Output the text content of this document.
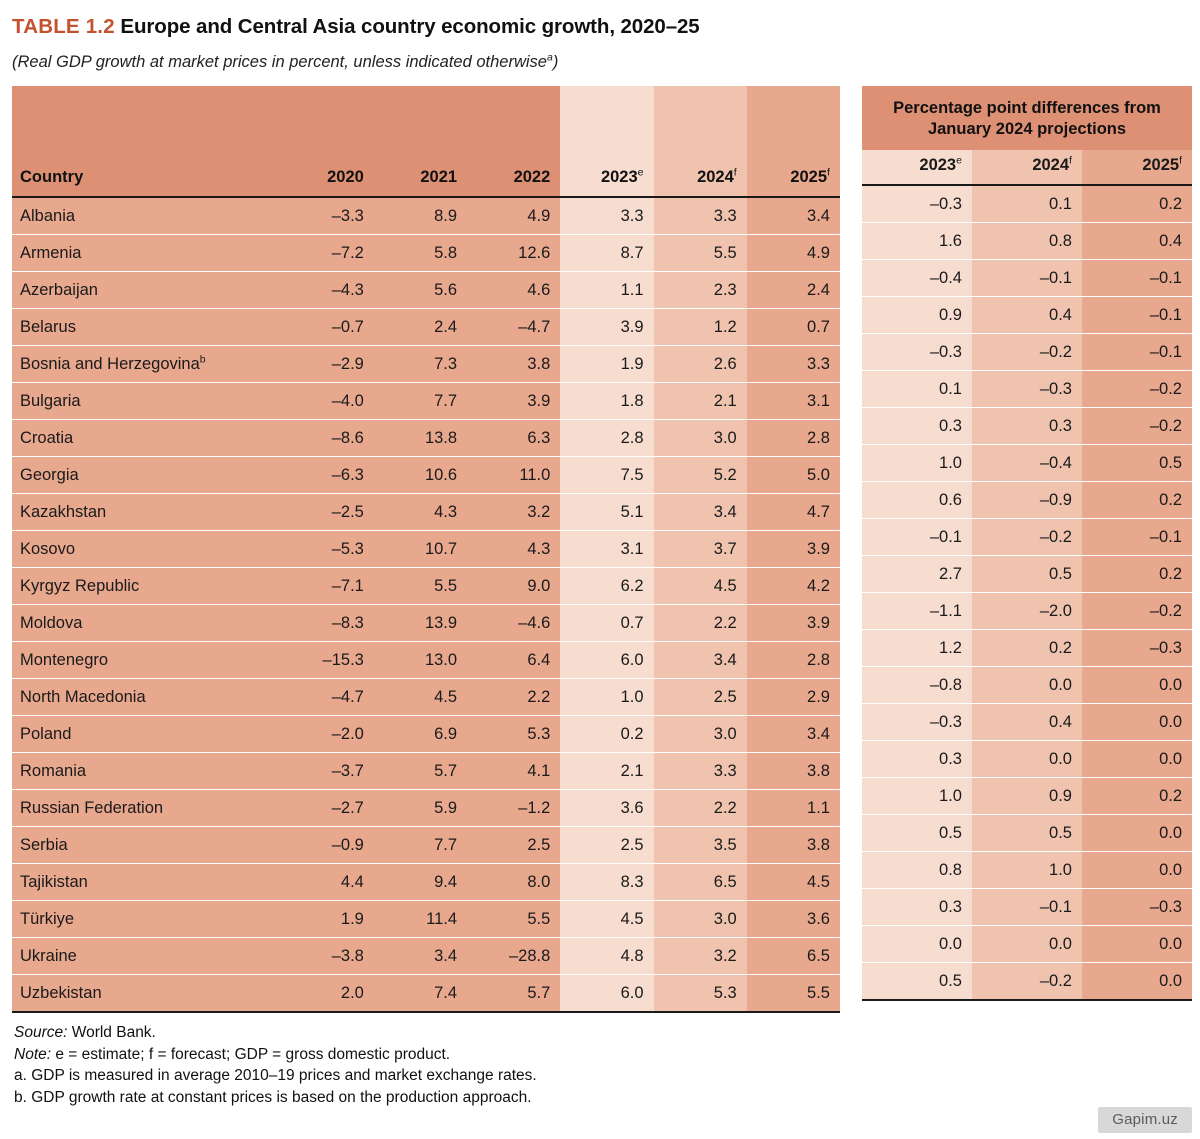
TABLE 1.2 Europe and Central Asia country economic growth, 2020–25
(Real GDP growth at market prices in percent, unless indicated otherwise$^a$)

Country	2020	2021	2022	2023e	2024$^f$	2025$^f$
Albania	–3.3	8.9	4.9	3.3	3.3	3.4
Armenia	–7.2	5.8	12.6	8.7	5.5	4.9
Azerbaijan	–4.3	5.6	4.6	1.1	2.3	2.4
Belarus	–0.7	2.4	–4.7	3.9	1.2	0.7
Bosnia and Herzegovina$^b$	–2.9	7.3	3.8	1.9	2.6	3.3
Bulgaria	–4.0	7.7	3.9	1.8	2.1	3.1
Croatia	–8.6	13.8	6.3	2.8	3.0	2.8
Georgia	–6.3	10.6	11.0	7.5	5.2	5.0
Kazakhstan	–2.5	4.3	3.2	5.1	3.4	4.7
Kosovo	–5.3	10.7	4.3	3.1	3.7	3.9
Kyrgyz Republic	–7.1	5.5	9.0	6.2	4.5	4.2
Moldova	–8.3	13.9	–4.6	0.7	2.2	3.9
Montenegro	–15.3	13.0	6.4	6.0	3.4	2.8
North Macedonia	–4.7	4.5	2.2	1.0	2.5	2.9
Poland	–2.0	6.9	5.3	0.2	3.0	3.4
Romania	–3.7	5.7	4.1	2.1	3.3	3.8
Russian Federation	–2.7	5.9	–1.2	3.6	2.2	1.1
Serbia	–0.9	7.7	2.5	2.5	3.5	3.8
Tajikistan	4.4	9.4	8.0	8.3	6.5	4.5
Türkiye	1.9	11.4	5.5	4.5	3.0	3.6
Ukraine	–3.8	3.4	–28.8	4.8	3.2	6.5
Uzbekistan	2.0	7.4	5.7	6.0	5.3	5.5
Percentage point differences from January 2024 projections		
2023e	2024$^f$	2025$^f$
–0.3	0.1	0.2
1.6	0.8	0.4
–0.4	–0.1	–0.1
0.9	0.4	–0.1
–0.3	–0.2	–0.1
0.1	–0.3	–0.2
0.3	0.3	–0.2
1.0	–0.4	0.5
0.6	–0.9	0.2
–0.1	–0.2	–0.1
2.7	0.5	0.2
–1.1	–2.0	–0.2
1.2	0.2	–0.3
–0.8	0.0	0.0
–0.3	0.4	0.0
0.3	0.0	0.0
1.0	0.9	0.2
0.5	0.5	0.0
0.8	1.0	0.0
0.3	–0.1	–0.3
0.0	0.0	0.0
0.5	–0.2	0.0
Source: World Bank.
Note: e = estimate; f = forecast; GDP = gross domestic product.
a. GDP is measured in average 2010–19 prices and market exchange rates.
b. GDP growth rate at constant prices is based on the production approach.
Gapim.uz
